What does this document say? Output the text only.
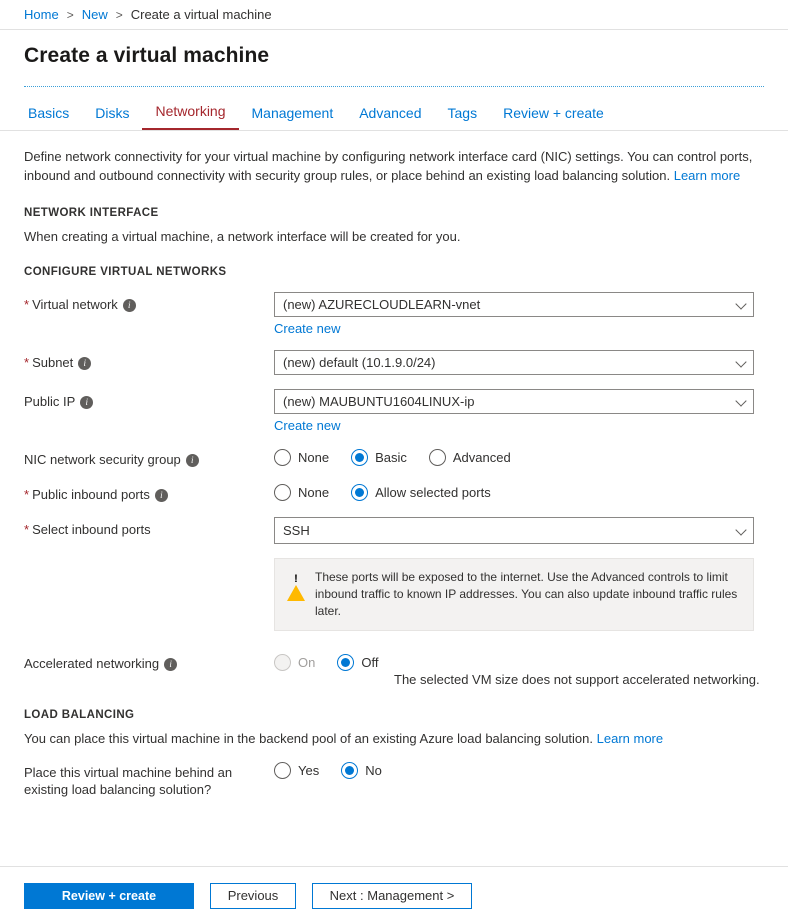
Home > New > Create a virtual machine
Create a virtual machine
Basics	Disks	Networking	Management	Advanced	Tags	Review + create
Define network connectivity for your virtual machine by configuring network interface card (NIC) settings. You can control ports, inbound and outbound connectivity with security group rules, or place behind an existing load balancing solution. Learn more
NETWORK INTERFACE
When creating a virtual machine, a network interface will be created for you.
CONFIGURE VIRTUAL NETWORKS
* Virtual network i	(new) AZURECLOUDLEARN-vnet
Create new
* Subnet i	(new) default (10.1.9.0/24)
Public IP i	(new) MAUBUNTU1604LINUX-ip
Create new
NIC network security group i	None	Basic	Advanced
* Public inbound ports i	None	Allow selected ports
* Select inbound ports	SSH
!	These ports will be exposed to the internet. Use the Advanced controls to limit inbound traffic to known IP addresses. You can also update inbound traffic rules later.
Accelerated networking i	On	Off
The selected VM size does not support accelerated networking.
LOAD BALANCING
You can place this virtual machine in the backend pool of an existing Azure load balancing solution. Learn more
Place this virtual machine behind an existing load balancing solution?
Yes	No
Review + create	Previous	Next : Management >
